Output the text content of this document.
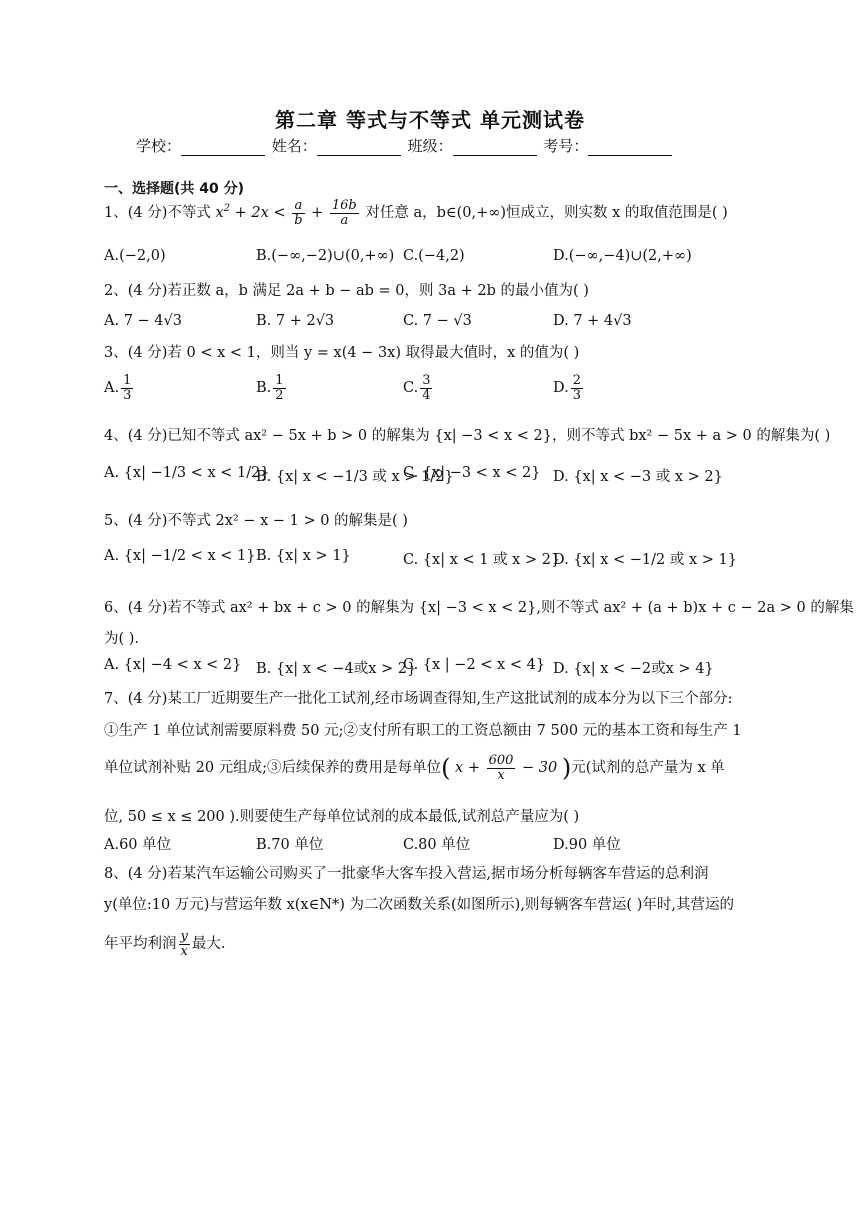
第二章 等式与不等式 单元测试卷
学校：	姓名：	班级：	考号：
一、选择题(共 40 分)
1、(4 分)不等式 $x^2 + 2x < \frac{a}{b} + \frac{16b}{a}$ 对任意 a，b∈(0,+∞)恒成立，则实数 x 的取值范围是( )
A.(−2,0)	B.(−∞,−2)∪(0,+∞) C.(−4,2)	D.(−∞,−4)∪(2,+∞)
2、(4 分)若正数 a，b 满足 2a + b − ab = 0，则 3a + 2b 的最小值为( )
A. 7 − 4√3	B. 7 + 2√3	C. 7 − √3	D. 7 + 4√3
3、(4 分)若 0 < x < 1，则当 y = x(4 − 3x) 取得最大值时，x 的值为( )
A. $\frac{1}{3}$	B. $\frac{1}{2}$	C. $\frac{3}{4}$	D. $\frac{2}{3}$
4、(4 分)已知不等式 ax² − 5x + b > 0 的解集为 {x| −3 < x < 2}，则不等式 bx² − 5x + a > 0 的解集为( )
A. {x| −1/3 < x < 1/2}
B. {x| x < −1/3 或 x > 1/2}
C. {x| −3 < x < 2} D. {x| x < −3 或 x > 2}
5、(4 分)不等式 2x² − x − 1 > 0 的解集是( )
A. {x| −1/2 < x < 1} B. {x| x > 1}	C. {x| x < 1 或 x > 2}
D. {x| x < −1/2 或 x > 1}
6、(4 分)若不等式 ax² + bx + c > 0 的解集为 {x| −3 < x < 2},则不等式 ax² + (a + b)x + c − 2a > 0 的解集
为( ).
A. {x| −4 < x < 2} B. {x| x < −4或x > 2}
C. {x | −2 < x < 4} D. {x| x < −2或x > 4}
7、(4 分)某工厂近期要生产一批化工试剂,经市场调查得知,生产这批试剂的成本分为以下三个部分:
①生产 1 单位试剂需要原料费 50 元;②支付所有职工的工资总额由 7 500 元的基本工资和每生产 1
单位试剂补贴 20 元组成;③后续保养的费用是每单位( $x + \frac{600}{x} - 30$ )元(试剂的总产量为 x 单
位, 50 ≤ x ≤ 200 ).则要使生产每单位试剂的成本最低,试剂总产量应为( )
A.60 单位	B.70 单位	C.80 单位	D.90 单位
8、(4 分)若某汽车运输公司购买了一批豪华大客车投入营运,据市场分析每辆客车营运的总利润
y(单位:10 万元)与营运年数 x(x∈N*) 为二次函数关系(如图所示),则每辆客车营运( )年时,其营运的
年平均利润 $\frac{y}{x}$ 最大.
